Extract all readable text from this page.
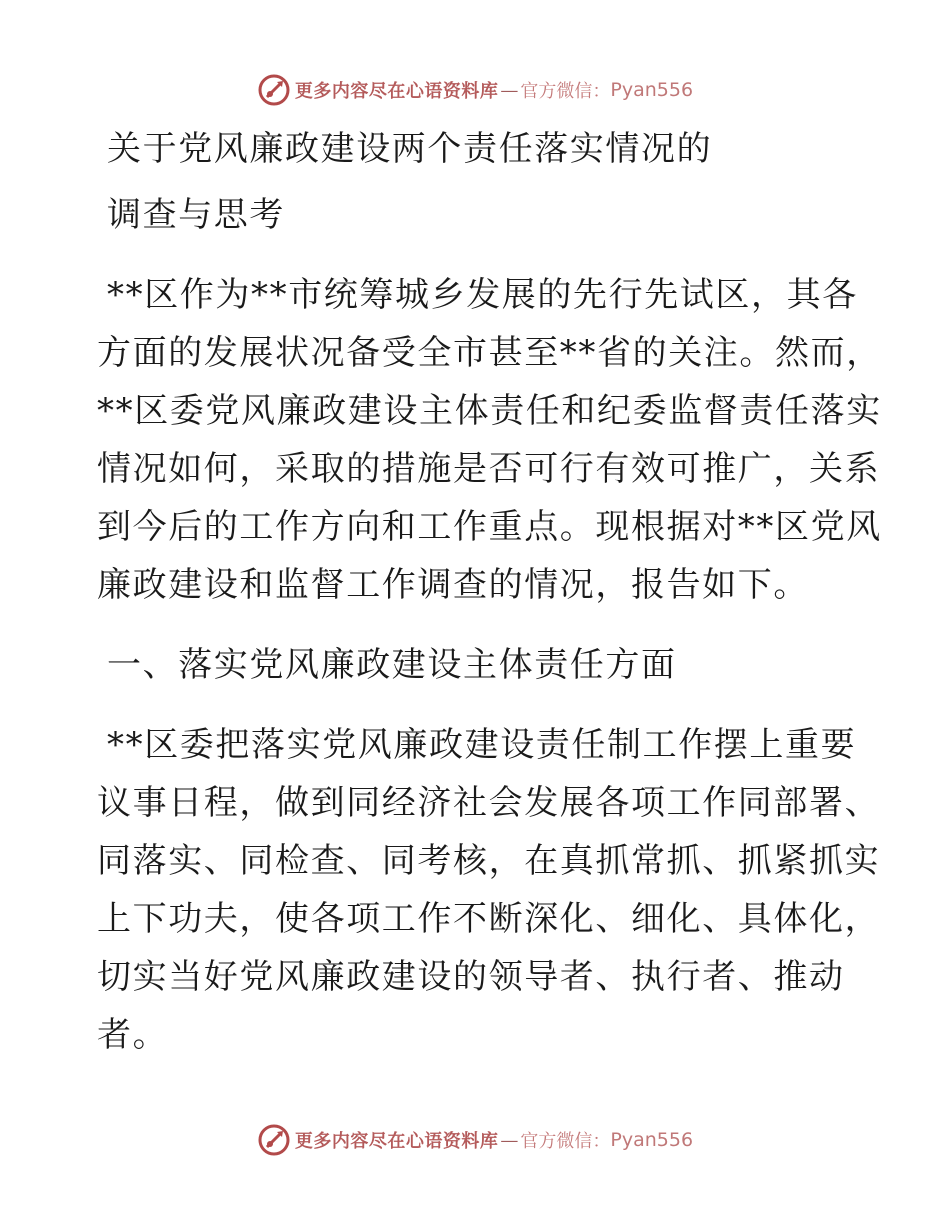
更多内容尽在心语资料库 — 官方微信： Pyan556
关于党风廉政建设两个责任落实情况的
调查与思考
**区作为**市统筹城乡发展的先行先试区，其各
方面的发展状况备受全市甚至**省的关注。然而，
**区委党风廉政建设主体责任和纪委监督责任落实
情况如何，采取的措施是否可行有效可推广，关系
到今后的工作方向和工作重点。现根据对**区党风
廉政建设和监督工作调查的情况，报告如下。
一、落实党风廉政建设主体责任方面
**区委把落实党风廉政建设责任制工作摆上重要
议事日程，做到同经济社会发展各项工作同部署、
同落实、同检查、同考核，在真抓常抓、抓紧抓实
上下功夫，使各项工作不断深化、细化、具体化，
切实当好党风廉政建设的领导者、执行者、推动
者。
更多内容尽在心语资料库 — 官方微信： Pyan556
